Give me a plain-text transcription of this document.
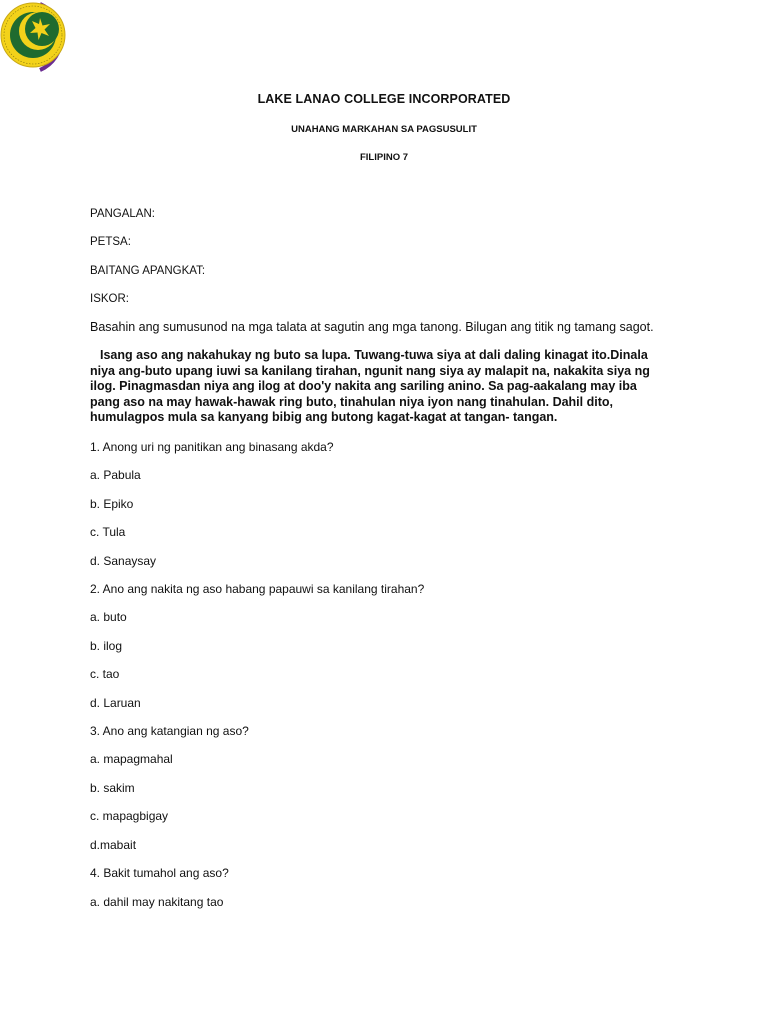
LAKE LANAO COLLEGE INCORPORATED
UNAHANG MARKAHAN SA PAGSUSULIT
FILIPINO 7
PANGALAN:
PETSA:
BAITANG APANGKAT:
ISKOR:
Basahin ang sumusunod na mga talata at sagutin ang mga tanong. Bilugan ang titik ng tamang sagot.
Isang aso ang nakahukay ng buto sa lupa. Tuwang-tuwa siya at dali daling kinagat ito.Dinala niya ang-buto upang iuwi sa kanilang tirahan, ngunit nang siya ay malapit na, nakakita siya ng ilog. Pinagmasdan niya ang ilog at doo'y nakita ang sariling anino. Sa pag-aakalang may iba pang aso na may hawak-hawak ring buto, tinahulan niya iyon nang tinahulan. Dahil dito, humulagpos mula sa kanyang bibig ang butong kagat-kagat at tangan- tangan.
1. Anong uri ng panitikan ang binasang akda?
a. Pabula
b. Epiko
c. Tula
d. Sanaysay
2. Ano ang nakita ng aso habang papauwi sa kanilang tirahan?
a. buto
b. ilog
c. tao
d. Laruan
3. Ano ang katangian ng aso?
a. mapagmahal
b. sakim
c. mapagbigay
d.mabait
4. Bakit tumahol ang aso?
a. dahil may nakitang tao
